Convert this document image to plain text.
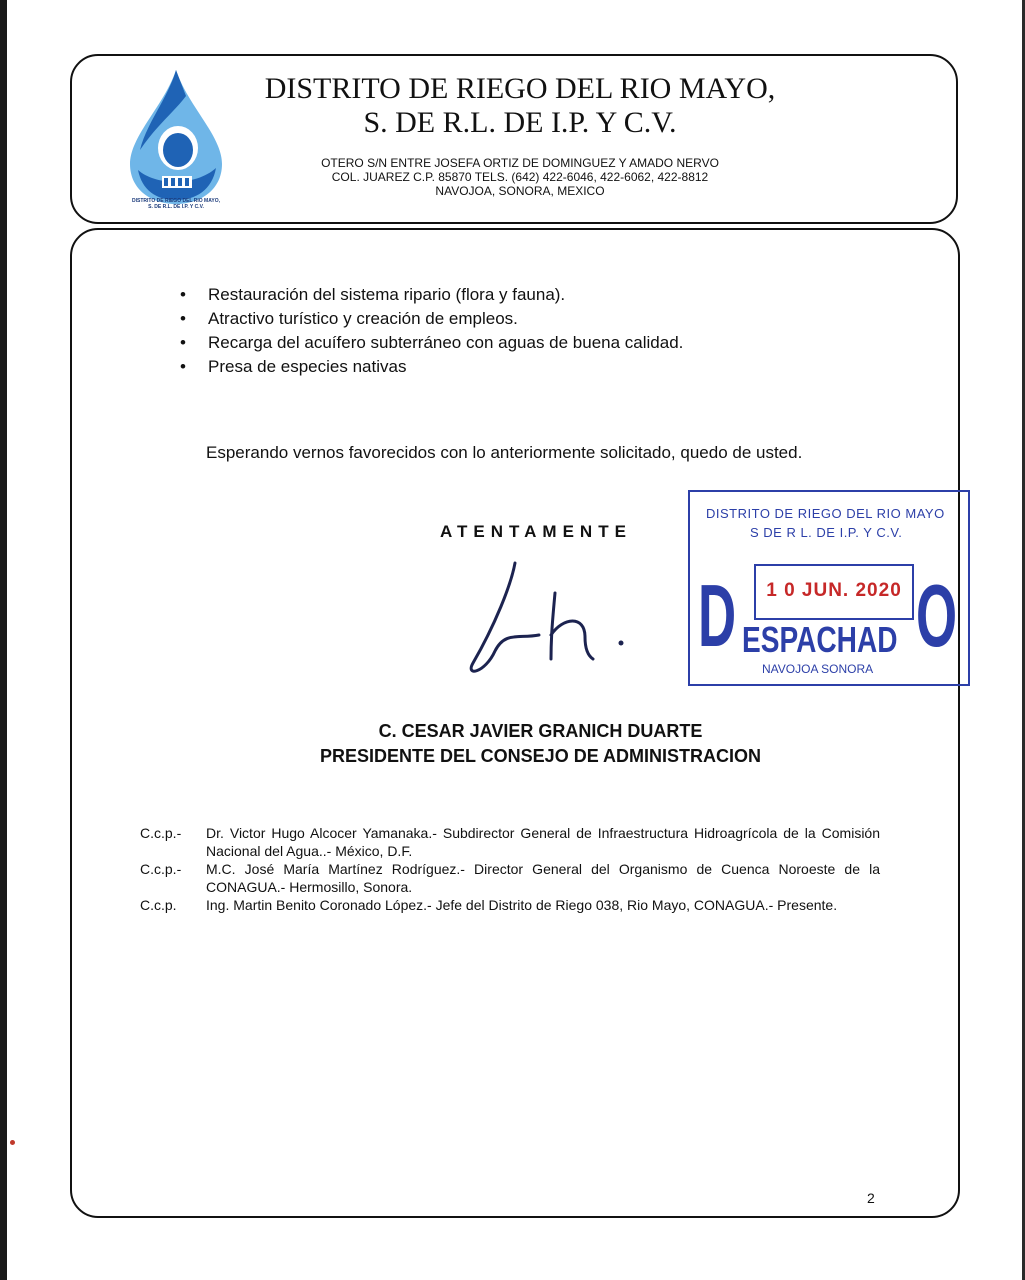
DISTRITO DE RIEGO DEL RIO MAYO,
S. DE R.L. DE I.P. Y C.V.
DISTRITO DE RIEGO DEL RIO MAYO,
S. DE R.L. DE I.P. Y C.V.
OTERO S/N ENTRE JOSEFA ORTIZ DE DOMINGUEZ Y AMADO NERVO
COL. JUAREZ C.P. 85870 TELS. (642) 422-6046, 422-6062, 422-8812
NAVOJOA, SONORA, MEXICO
• Restauración del sistema ripario (flora y fauna).
• Atractivo turístico y creación de empleos.
• Recarga del acuífero subterráneo con aguas de buena calidad.
• Presa de especies nativas

Esperando vernos favorecidos con lo anteriormente solicitado, quedo de usted.

ATENTAMENTE
DISTRITO DE RIEGO DEL RIO MAYO
S DE R L. DE I.P. Y C.V.
1 0 JUN. 2020
D ESPACHAD O
NAVOJOA SONORA
C. CESAR JAVIER GRANICH DUARTE
PRESIDENTE DEL CONSEJO DE ADMINISTRACION
C.c.p.-	Dr. Victor Hugo Alcocer Yamanaka.- Subdirector General de Infraestructura Hidroagrícola de la Comisión Nacional del Agua..- México, D.F.
C.c.p.-	M.C. José María Martínez Rodríguez.- Director General del Organismo de Cuenca Noroeste de la CONAGUA.- Hermosillo, Sonora.
C.c.p.	Ing. Martin Benito Coronado López.- Jefe del Distrito de Riego 038, Rio Mayo, CONAGUA.- Presente.
2
